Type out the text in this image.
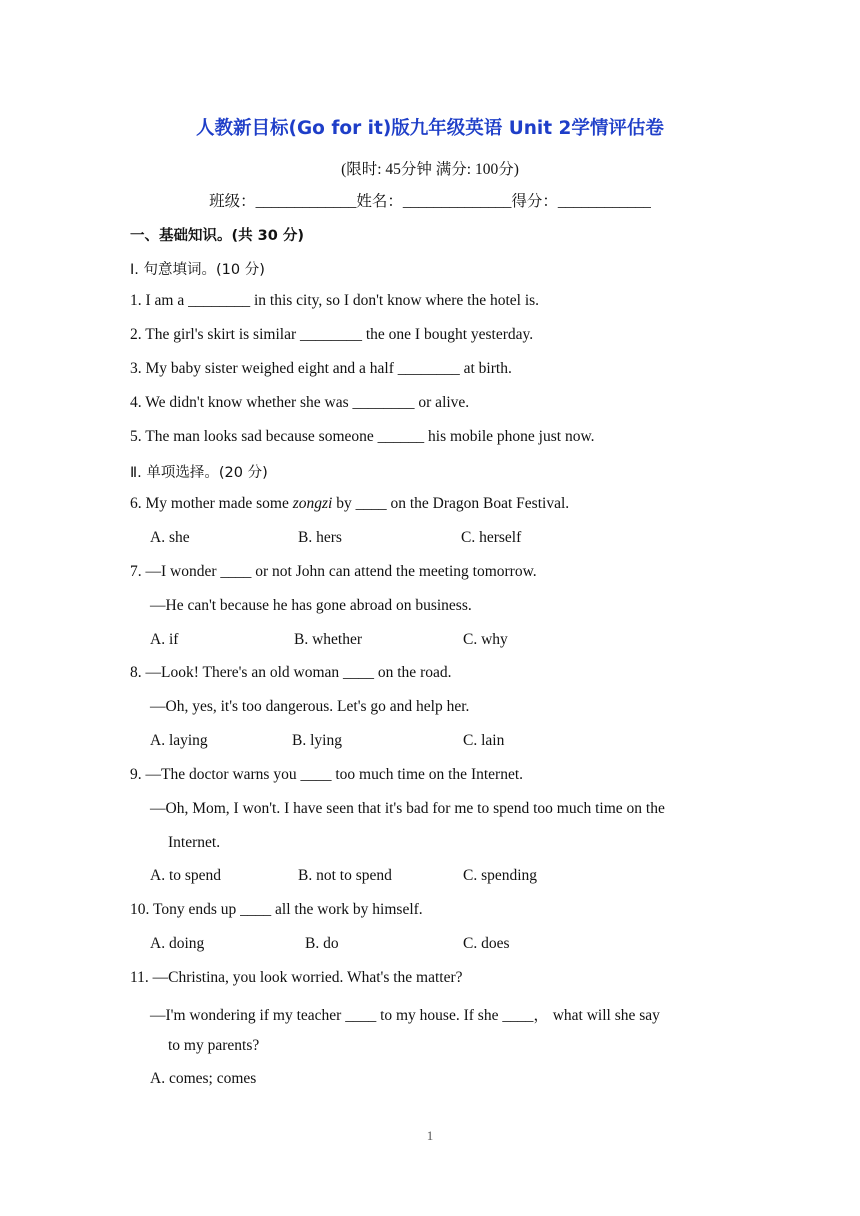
人教新目标(Go for it)版九年级英语 Unit 2学情评估卷
(限时: 45分钟 满分: 100分)
班级：_____________姓名：______________得分：____________
一、基础知识。(共 30 分)
I. 句意填词。(10 分)
1. I am a ________ in this city, so I don't know where the hotel is.
2. The girl's skirt is similar ________ the one I bought yesterday.
3. My baby sister weighed eight and a half ________ at birth.
4. We didn't know whether she was ________ or alive.
5. The man looks sad because someone ______ his mobile phone just now.
Ⅱ. 单项选择。(20 分)
6. My mother made some zongzi by ____ on the Dragon Boat Festival.
A. she	B. hers	C. herself
7. —I wonder ____ or not John can attend the meeting tomorrow.
—He can't because he has gone abroad on business.
A. if	B. whether	C. why
8. —Look! There's an old woman ____ on the road.
—Oh, yes, it's too dangerous. Let's go and help her.
A. laying	B. lying	C. lain
9. —The doctor warns you ____ too much time on the Internet.
—Oh, Mom, I won't. I have seen that it's bad for me to spend too much time on the
Internet.
A. to spend	B. not to spend	C. spending
10. Tony ends up ____ all the work by himself.
A. doing	B. do	C. does
11. —Christina, you look worried. What's the matter?
—I'm wondering if my teacher ____ to my house. If she ____， what will she say
to my parents?
A. comes; comes
1
